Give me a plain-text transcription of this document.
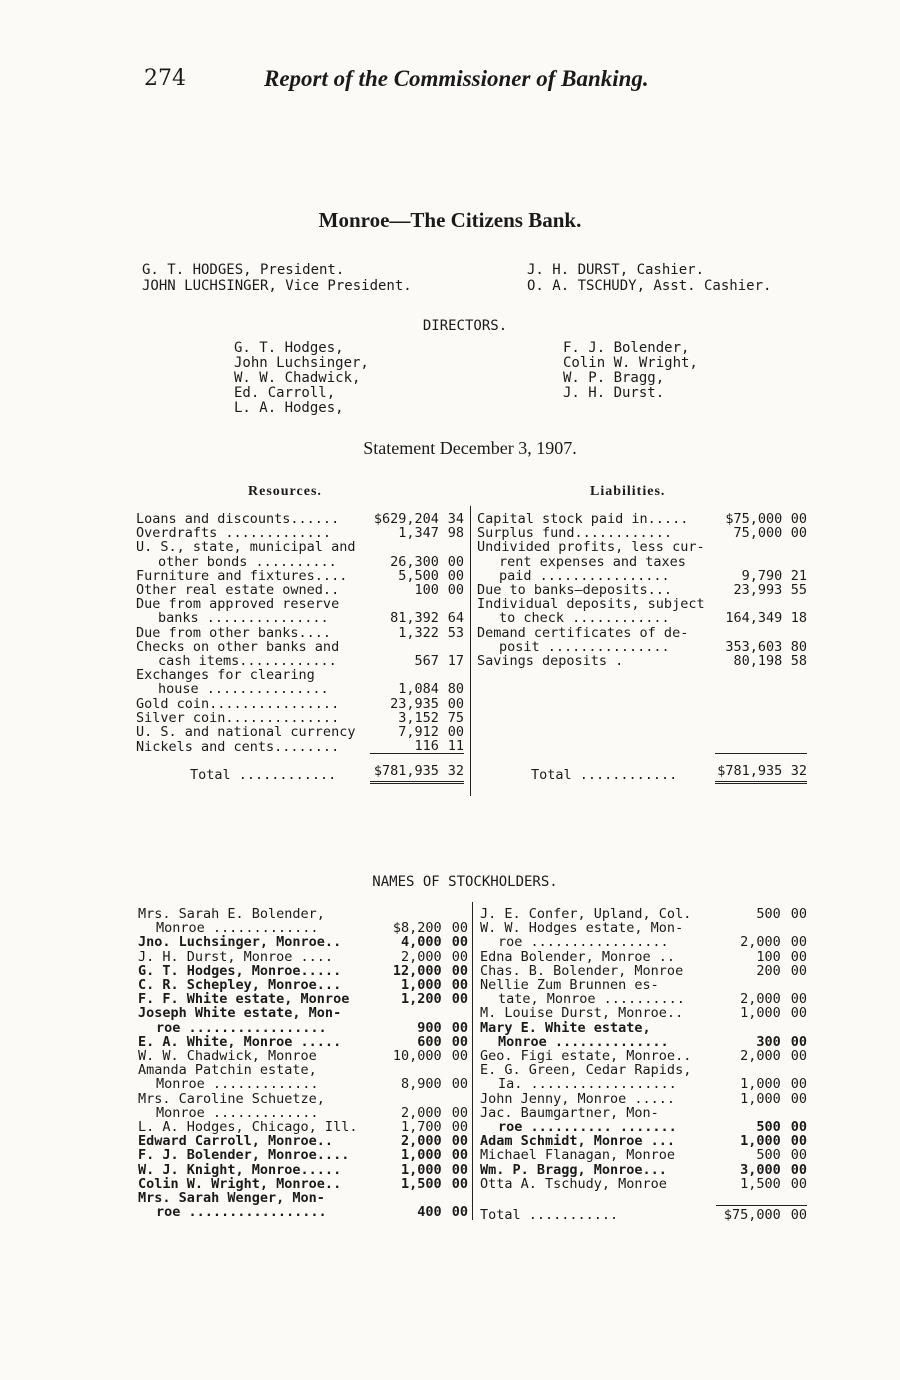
274	Report of the Commissioner of Banking.
Monroe—The Citizens Bank.
G. T. HODGES, President.
JOHN LUCHSINGER, Vice President.
J. H. DURST, Cashier.
O. A. TSCHUDY, Asst. Cashier.
DIRECTORS.
G. T. Hodges,
John Luchsinger,
W. W. Chadwick,
Ed. Carroll,
L. A. Hodges,
F. J. Bolender,
Colin W. Wright,
W. P. Bragg,
J. H. Durst.
Statement December 3, 1907.
Resources.	Liabilities.
Loans and discounts......	$629,204	34
Overdrafts .............	1,347	98
U. S., state, municipal and		
other bonds ..........	26,300	00
Furniture and fixtures....	5,500	00
Other real estate owned..	100	00
Due from approved reserve		
banks ...............	81,392	64
Due from other banks....	1,322	53
Checks on other banks and		
cash items............	567	17
Exchanges for clearing		
house ...............	1,084	80
Gold coin................	23,935	00
Silver coin..............	3,152	75
U. S. and national currency	7,912	00
Nickels and cents........	116	11
Total ............	$781,935	32
Capital stock paid in.....	$75,000	00
Surplus fund............	75,000	00
Undivided profits, less cur-		
rent expenses and taxes		
paid ................	9,790	21
Due to banks—deposits...	23,993	55
Individual deposits, subject		
to check ............	164,349	18
Demand certificates of de-		
posit ...............	353,603	80
Savings deposits .	80,198	58

Total ............	$781,935	32
NAMES OF STOCKHOLDERS.
Mrs. Sarah E. Bolender,		
Monroe .............	$8,200	00
Jno. Luchsinger, Monroe..	4,000	00
J. H. Durst, Monroe ....	2,000	00
G. T. Hodges, Monroe.....	12,000	00
C. R. Schepley, Monroe...	1,000	00
F. F. White estate, Monroe	1,200	00
Joseph White estate, Mon-		
roe .................	900	00
E. A. White, Monroe .....	600	00
W. W. Chadwick, Monroe	10,000	00
Amanda Patchin estate,		
Monroe .............	8,900	00
Mrs. Caroline Schuetze,		
Monroe .............	2,000	00
L. A. Hodges, Chicago, Ill.	1,700	00
Edward Carroll, Monroe..	2,000	00
F. J. Bolender, Monroe....	1,000	00
W. J. Knight, Monroe.....	1,000	00
Colin W. Wright, Monroe..	1,500	00
Mrs. Sarah Wenger, Mon-		
roe .................	400	00
J. E. Confer, Upland, Col.	500	00
W. W. Hodges estate, Mon-		
roe .................	2,000	00
Edna Bolender, Monroe ..	100	00
Chas. B. Bolender, Monroe	200	00
Nellie Zum Brunnen es-		
tate, Monroe ..........	2,000	00
M. Louise Durst, Monroe..	1,000	00
Mary E. White estate,		
Monroe ..............	300	00
Geo. Figi estate, Monroe..	2,000	00
E. G. Green, Cedar Rapids,		
Ia. ..................	1,000	00
John Jenny, Monroe .....	1,000	00
Jac. Baumgartner, Mon-		
roe .......... .......	500	00
Adam Schmidt, Monroe ...	1,000	00
Michael Flanagan, Monroe	500	00
Wm. P. Bragg, Monroe...	3,000	00
Otta A. Tschudy, Monroe	1,500	00

Total ...........	$75,000	00
